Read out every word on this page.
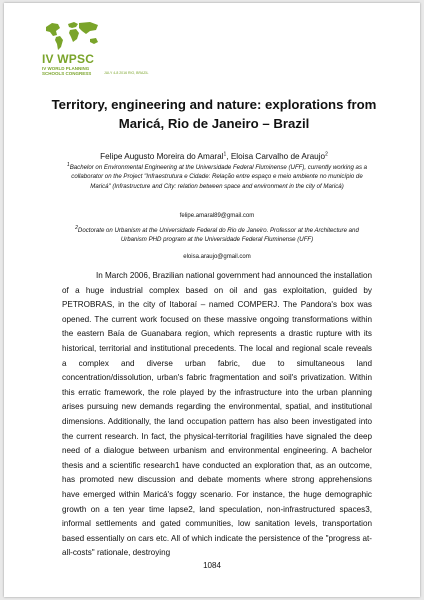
IV WPSC
IV WORLD PLANNING SCHOOLS CONGRESS	JULY 4-8 2016 RIO, BRAZIL
Territory, engineering and nature: explorations from Maricá, Rio de Janeiro – Brazil
Felipe Augusto Moreira do Amaral$^1$, Eloisa Carvalho de Araujo$^2$
$^1$Bachelor on Environmental Engineering at the Universidade Federal Fluminense (UFF), currently working as a collaborator on the Project "Infraestrutura e Cidade: Relação entre espaço e meio ambiente no município de Maricá" (Infrastructure and City: relation between space and environment in the city of Maricá)
felipe.amaral89@gmail.com
$^2$Doctorate on Urbanism at the Universidade Federal do Rio de Janeiro. Professor at the Architecture and Urbanism PHD program at the Universidade Federal Fluminense (UFF)
eloisa.araujo@gmail.com

In March 2006, Brazilian national government had announced the installation of a huge industrial complex based on oil and gas exploitation, guided by PETROBRAS, in the city of Itaboraí – named COMPERJ. The Pandora's box was opened. The current work focused on these massive ongoing transformations within the eastern Baía de Guanabara region, which represents a drastic rupture with its historical, territorial and institutional precedents. The local and regional scale reveals a complex and diverse urban fabric, due to simultaneous land concentration/dissolution, urban's fabric fragmentation and soil's privatization. Within this erratic framework, the role played by the infrastructure into the urban planning arises pursuing new demands regarding the environmental, spatial, and institutional dimensions. Additionally, the land occupation pattern has also been investigated into the current research. In fact, the physical-territorial fragilities have signaled the deep need of a dialogue between urbanism and environmental engineering. A bachelor thesis and a scientific research1 have conducted an exploration that, as an outcome, has promoted new discussion and debate moments where strong apprehensions have emerged within Maricá's foggy scenario. For instance, the huge demographic growth on a ten year time lapse2, land speculation, non-infrastructured spaces3, informal settlements and gated communities, low sanitation levels, transportation based essentially on cars etc. All of which indicate the persistence of the "progress at-all-costs" rationale, destroying

1084
